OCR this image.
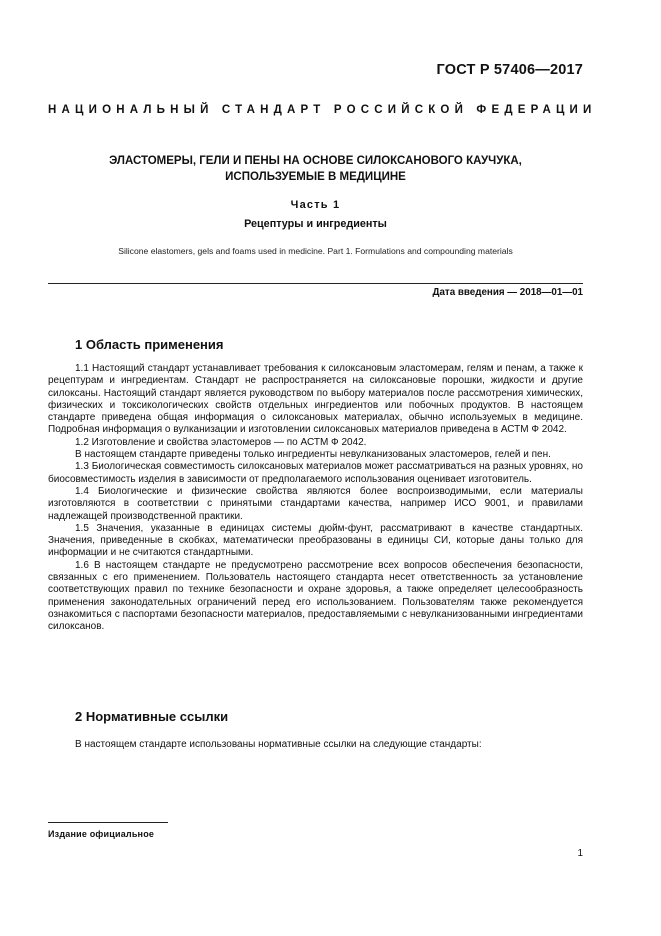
ГОСТ Р 57406—2017
НАЦИОНАЛЬНЫЙ СТАНДАРТ РОССИЙСКОЙ ФЕДЕРАЦИИ
ЭЛАСТОМЕРЫ, ГЕЛИ И ПЕНЫ НА ОСНОВЕ СИЛОКСАНОВОГО КАУЧУКА,
ИСПОЛЬЗУЕМЫЕ В МЕДИЦИНЕ
Часть 1
Рецептуры и ингредиенты
Silicone elastomers, gels and foams used in medicine. Part 1. Formulations and compounding materials
Дата введения — 2018—01—01
1 Область применения

1.1 Настоящий стандарт устанавливает требования к силоксановым эластомерам, гелям и пенам, а также к рецептурам и ингредиентам. Стандарт не распространяется на силоксановые порошки, жидкости и другие силоксаны. Настоящий стандарт является руководством по выбору материалов после рассмотрения химических, физических и токсикологических свойств отдельных ингредиентов или побочных продуктов. В настоящем стандарте приведена общая информация о силоксановых материалах, обычно используемых в медицине. Подробная информация о вулканизации и изготовлении силоксановых материалов приведена в АСТМ Ф 2042.

1.2 Изготовление и свойства эластомеров — по АСТМ Ф 2042.

В настоящем стандарте приведены только ингредиенты невулканизованых эластомеров, гелей и пен.

1.3 Биологическая совместимость силоксановых материалов может рассматриваться на разных уровнях, но биосовместимость изделия в зависимости от предполагаемого использования оценивает изготовитель.

1.4 Биологические и физические свойства являются более воспроизводимыми, если материалы изготовляются в соответствии с принятыми стандартами качества, например ИСО 9001, и правилами надлежащей производственной практики.

1.5 Значения, указанные в единицах системы дюйм-фунт, рассматривают в качестве стандартных. Значения, приведенные в скобках, математически преобразованы в единицы СИ, которые даны только для информации и не считаются стандартными.

1.6 В настоящем стандарте не предусмотрено рассмотрение всех вопросов обеспечения безопасности, связанных с его применением. Пользователь настоящего стандарта несет ответственность за установление соответствующих правил по технике безопасности и охране здоровья, а также определяет целесообразность применения законодательных ограничений перед его использованием. Пользователям также рекомендуется ознакомиться с паспортами безопасности материалов, предоставляемыми с невулканизованными ингредиентами силоксанов.

2 Нормативные ссылки
В настоящем стандарте использованы нормативные ссылки на следующие стандарты:
Издание официальное
1
